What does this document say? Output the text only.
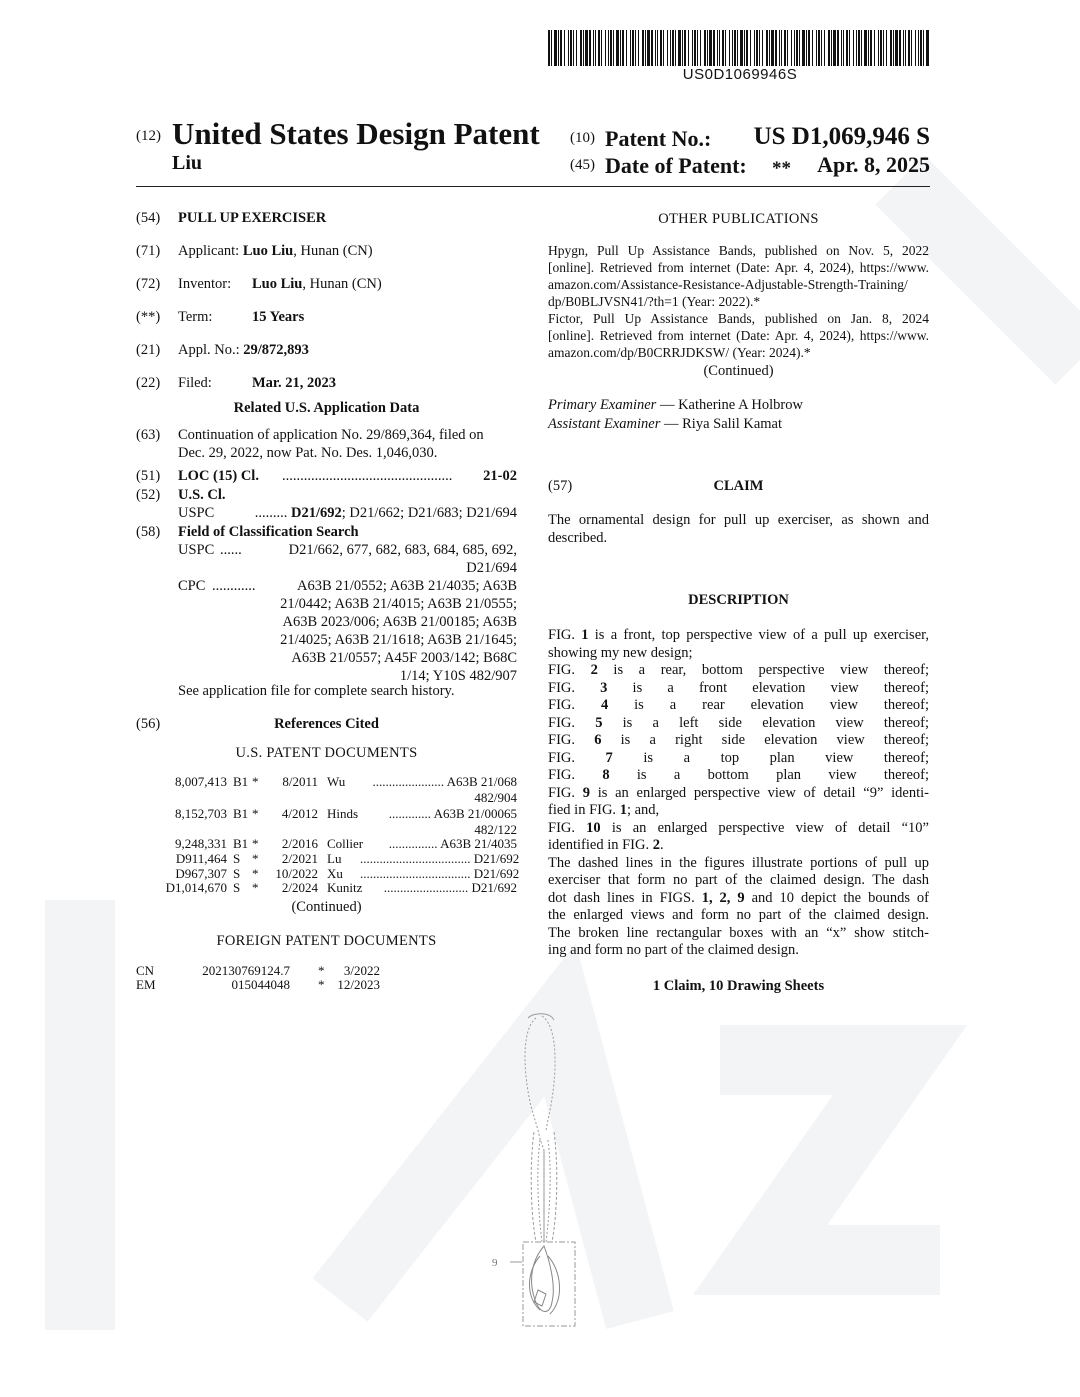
US0D1069946S
(12) United States Design Patent
Liu
(10) Patent No.:	US D1,069,946 S
(45) Date of Patent: **	Apr. 8, 2025
(54) PULL UP EXERCISER
(71) Applicant: Luo Liu, Hunan (CN)
(72) Inventor: Luo Liu, Hunan (CN)
(**) Term:	15 Years
(21) Appl. No.: 29/872,893
(22) Filed:	Mar. 21, 2023
Related U.S. Application Data
(63) Continuation of application No. 29/869,364, filed on
Dec. 29, 2022, now Pat. No. Des. 1,046,030.
(51) LOC (15) Cl. ...............................................	21-02
(52) U.S. Cl.
USPC	......... D21/692; D21/662; D21/683; D21/694
(58) Field of Classification Search
USPC ......	D21/662, 677, 682, 683, 684, 685, 692,
D21/694
CPC ............	A63B 21/0552; A63B 21/4035; A63B
21/0442; A63B 21/4015; A63B 21/0555;
A63B 2023/006; A63B 21/00185; A63B
21/4025; A63B 21/1618; A63B 21/1645;
A63B 21/0557; A45F 2003/142; B68C
1/14; Y10S 482/907
See application file for complete search history.
(56)	References Cited
U.S. PATENT DOCUMENTS
8,007,413 B1 *	8/2011 Wu	...................... A63B 21/068
482/904
8,152,703 B1 *	4/2012 Hinds	............. A63B 21/00065
482/122
9,248,331 B1 *	2/2016 Collier	............... A63B 21/4035
D911,464 S *	2/2021 Lu	.................................. D21/692
D967,307 S *	10/2022 Xu	.................................. D21/692
D1,014,670 S *	2/2024 Kunitz	.......................... D21/692
(Continued)
FOREIGN PATENT DOCUMENTS
CN	202130769124.7 *	3/2022
EM	015044048 * 12/2023
OTHER PUBLICATIONS
Hpygn, Pull Up Assistance Bands, published on Nov. 5, 2022
[online]. Retrieved from internet (Date: Apr. 4, 2024), https://www.
amazon.com/Assistance-Resistance-Adjustable-Strength-Training/
dp/B0BLJVSN41/?th=1 (Year: 2022).*
Fictor, Pull Up Assistance Bands, published on Jan. 8, 2024
[online]. Retrieved from internet (Date: Apr. 4, 2024), https://www.
amazon.com/dp/B0CRRJDKSW/ (Year: 2024).*
(Continued)
Primary Examiner — Katherine A Holbrow
Assistant Examiner — Riya Salil Kamat
(57)	CLAIM
The ornamental design for pull up exerciser, as shown and
described.
DESCRIPTION
FIG. 1 is a front, top perspective view of a pull up exerciser,
showing my new design;
FIG. 2 is a rear, bottom perspective view thereof;
FIG. 3 is a front elevation view thereof;
FIG. 4 is a rear elevation view thereof;
FIG. 5 is a left side elevation view thereof;
FIG. 6 is a right side elevation view thereof;
FIG. 7 is a top plan view thereof;
FIG. 8 is a bottom plan view thereof;
FIG. 9 is an enlarged perspective view of detail “9” identi-
fied in FIG. 1; and,
FIG. 10 is an enlarged perspective view of detail “10”
identified in FIG. 2.
The dashed lines in the figures illustrate portions of pull up
exerciser that form no part of the claimed design. The dash
dot dash lines in FIGS. 1, 2, 9 and 10 depict the bounds of
the enlarged views and form no part of the claimed design.
The broken line rectangular boxes with an “x” show stitch-
ing and form no part of the claimed design.
1 Claim, 10 Drawing Sheets
9
